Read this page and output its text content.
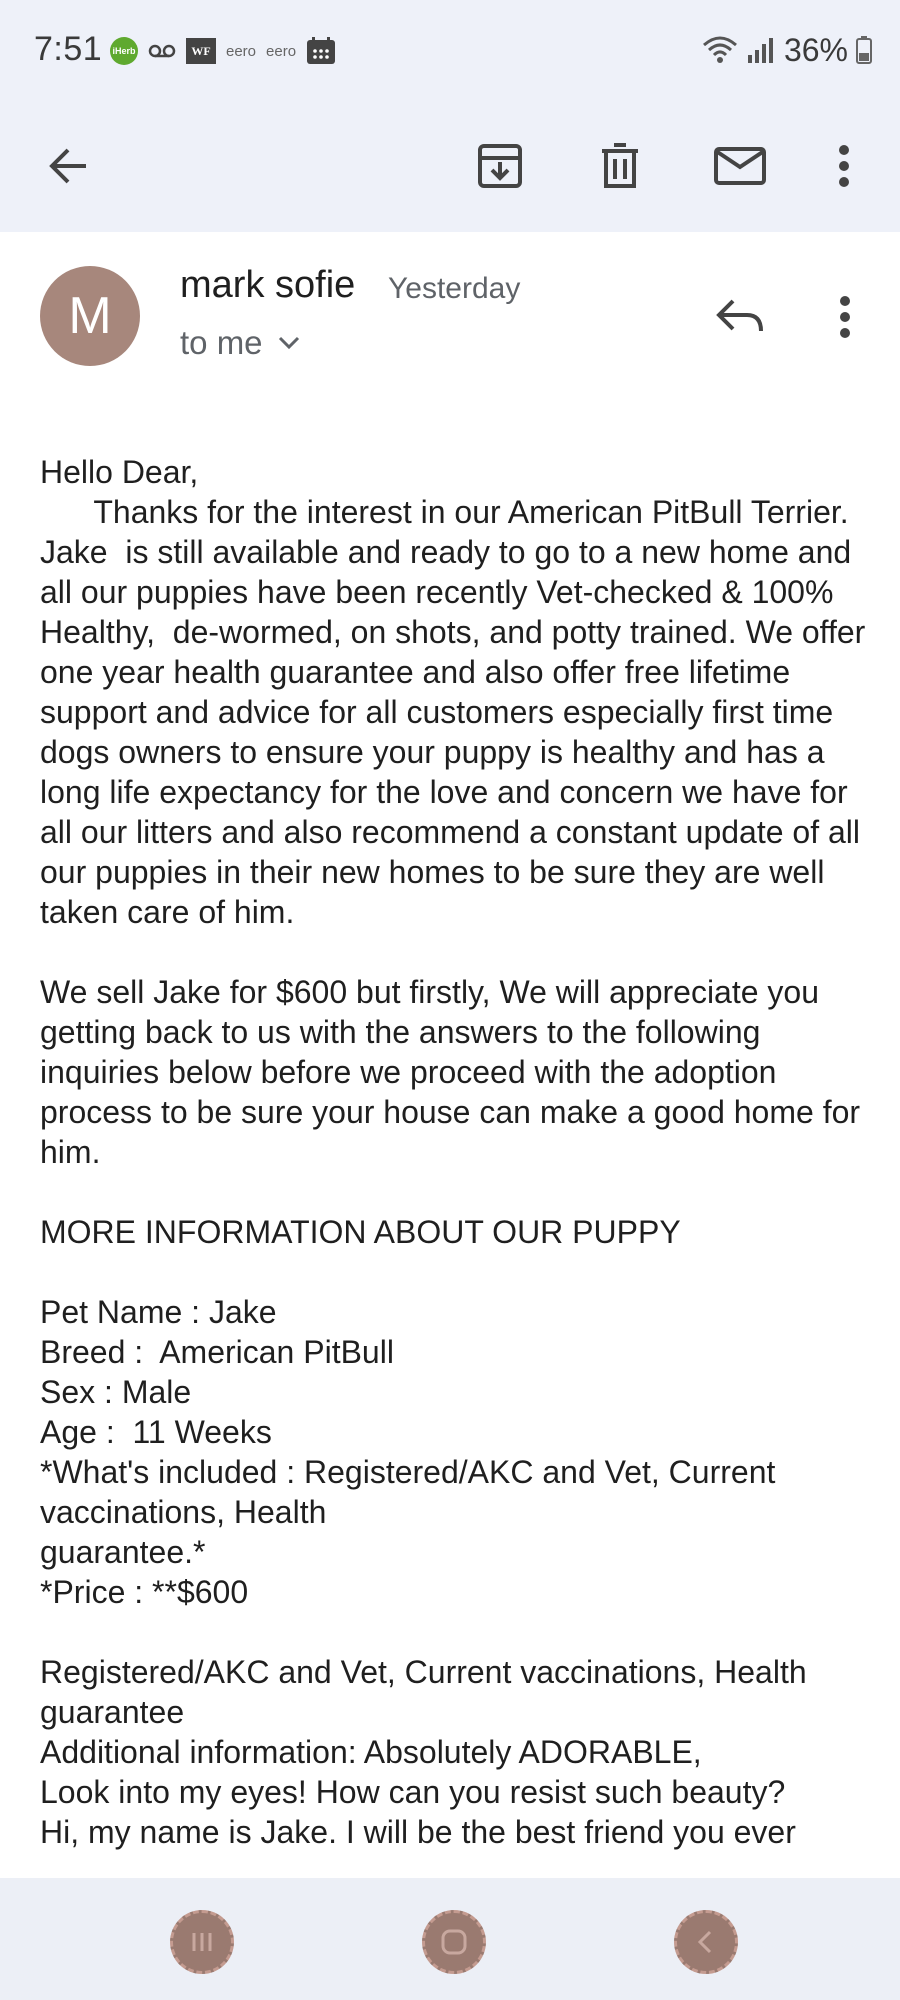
7:51 iHerb	WF	eero eero	36%
M
mark sofie Yesterday
to me

Hello Dear,
Thanks for the interest in our American PitBull Terrier. Jake  is still available and ready to go to a new home and all our puppies have been recently Vet-checked & 100% Healthy,  de-wormed, on shots, and potty trained. We offer one year health guarantee and also offer free lifetime support and advice for all customers especially first time dogs owners to ensure your puppy is healthy and has a long life expectancy for the love and concern we have for all our litters and also recommend a constant update of all our puppies in their new homes to be sure they are well taken care of him.

We sell Jake for $600 but firstly, We will appreciate you getting back to us with the answers to the following inquiries below before we proceed with the adoption process to be sure your house can make a good home for him.

MORE INFORMATION ABOUT OUR PUPPY

Pet Name : Jake
Breed :  American PitBull
Sex : Male
Age :  11 Weeks
*What's included : Registered/AKC and Vet, Current vaccinations, Health
guarantee.*
*Price : **$600

Registered/AKC and Vet, Current vaccinations, Health guarantee
Additional information: Absolutely ADORABLE,
Look into my eyes! How can you resist such beauty?
Hi, my name is Jake. I will be the best friend you ever
